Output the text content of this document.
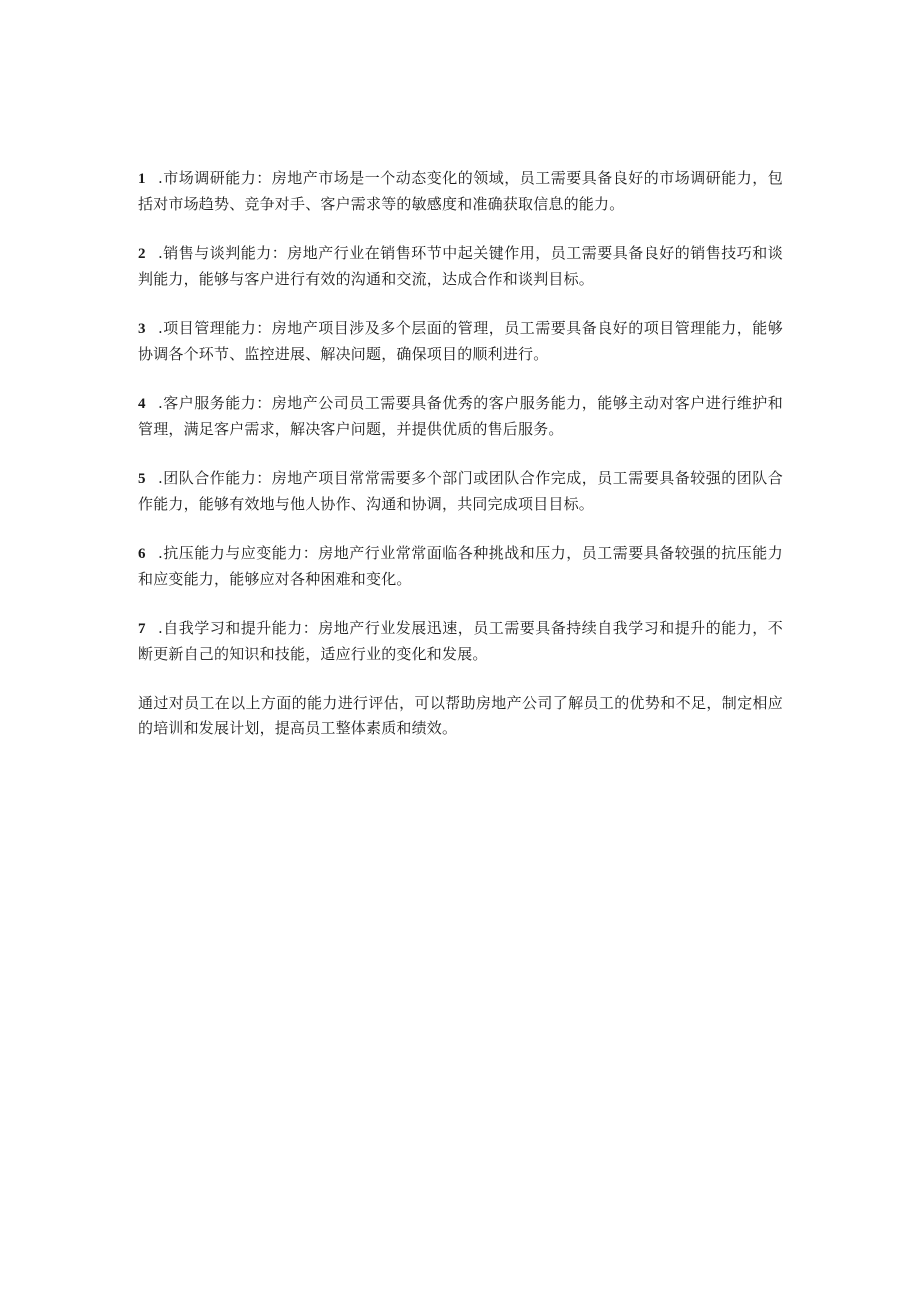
1 .市场调研能力：房地产市场是一个动态变化的领域，员工需要具备良好的市场调研能力，包括对市场趋势、竞争对手、客户需求等的敏感度和准确获取信息的能力。

2 .销售与谈判能力：房地产行业在销售环节中起关键作用，员工需要具备良好的销售技巧和谈判能力，能够与客户进行有效的沟通和交流，达成合作和谈判目标。

3 .项目管理能力：房地产项目涉及多个层面的管理，员工需要具备良好的项目管理能力，能够协调各个环节、监控进展、解决问题，确保项目的顺利进行。

4 .客户服务能力：房地产公司员工需要具备优秀的客户服务能力，能够主动对客户进行维护和管理，满足客户需求，解决客户问题，并提供优质的售后服务。

5 .团队合作能力：房地产项目常常需要多个部门或团队合作完成，员工需要具备较强的团队合作能力，能够有效地与他人协作、沟通和协调，共同完成项目目标。

6 .抗压能力与应变能力：房地产行业常常面临各种挑战和压力，员工需要具备较强的抗压能力和应变能力，能够应对各种困难和变化。

7 .自我学习和提升能力：房地产行业发展迅速，员工需要具备持续自我学习和提升的能力，不断更新自己的知识和技能，适应行业的变化和发展。

通过对员工在以上方面的能力进行评估，可以帮助房地产公司了解员工的优势和不足，制定相应的培训和发展计划，提高员工整体素质和绩效。
